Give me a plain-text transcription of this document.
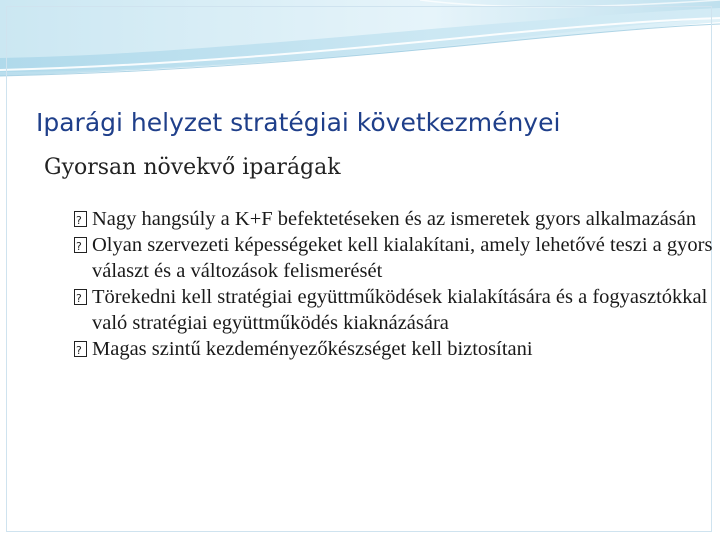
Iparági helyzet stratégiai következményei
Gyorsan növekvő iparágak
?
Nagy hangsúly a K+F befektetéseken és az ismeretek gyors alkalmazásán
?
Olyan szervezeti képességeket kell kialakítani, amely lehetővé teszi a gyors választ és a változások felismerését
?
Törekedni kell stratégiai együttműködések kialakítására és a fogyasztókkal való stratégiai együttműködés kiaknázására
?
Magas szintű kezdeményezőkészséget kell biztosítani
